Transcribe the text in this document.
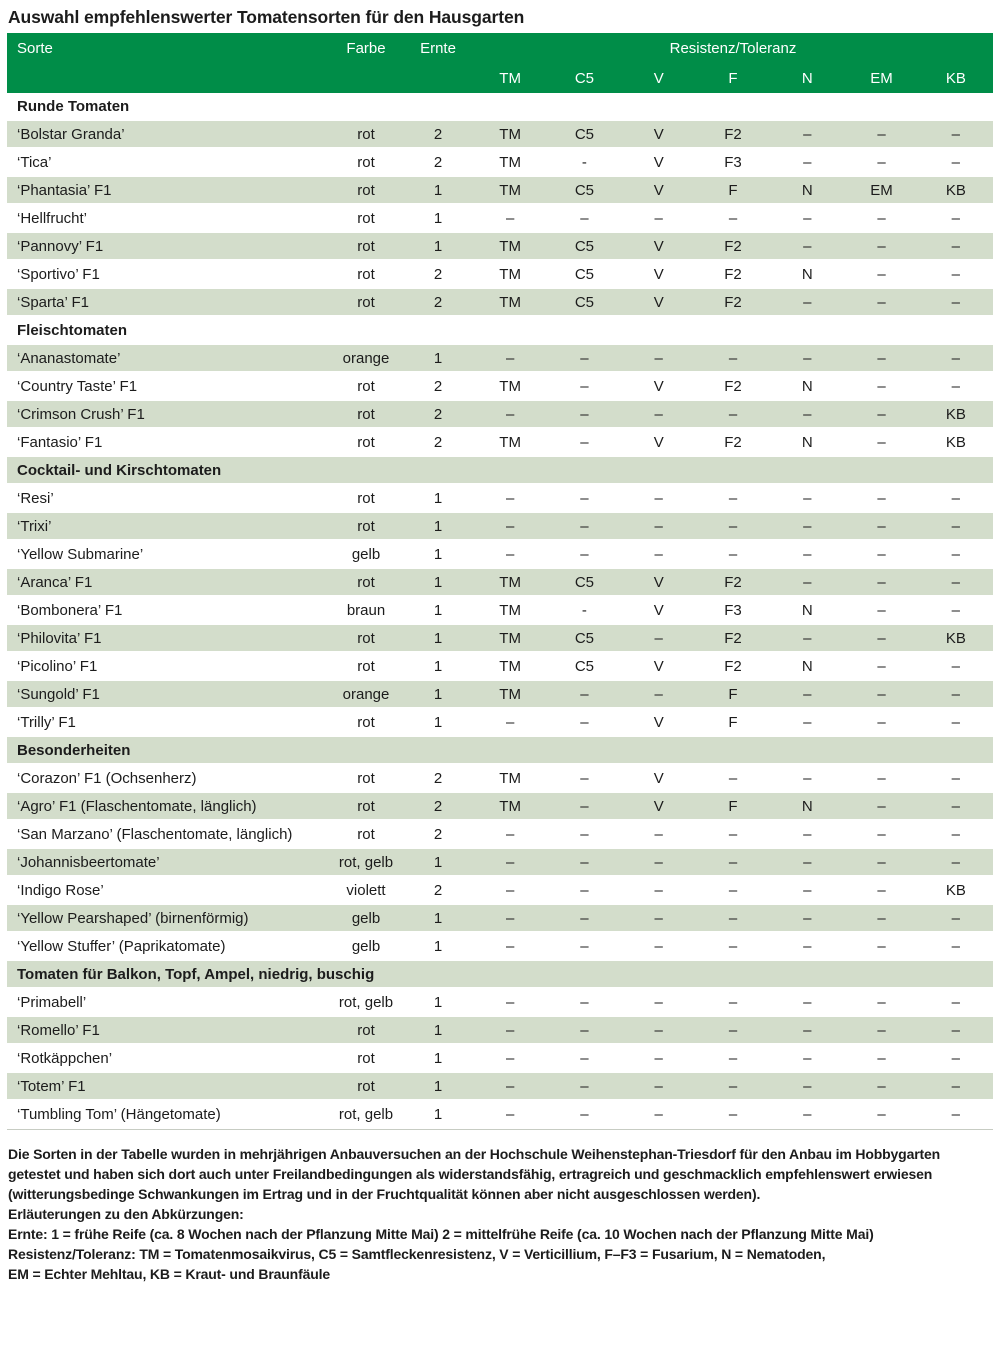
Auswahl empfehlenswerter Tomatensorten für den Hausgarten
Sorte	Farbe	Ernte	Resistenz/Toleranz						
			TM	C5	V	F	N	EM	KB
Runde Tomaten									
‘Bolstar Granda’	rot	2	TM	C5	V	F2	–	–	–
‘Tica’	rot	2	TM	-	V	F3	–	–	–
‘Phantasia’ F1	rot	1	TM	C5	V	F	N	EM	KB
‘Hellfrucht’	rot	1	–	–	–	–	–	–	–
‘Pannovy’ F1	rot	1	TM	C5	V	F2	–	–	–
‘Sportivo’ F1	rot	2	TM	C5	V	F2	N	–	–
‘Sparta’ F1	rot	2	TM	C5	V	F2	–	–	–
Fleischtomaten									
‘Ananastomate’	orange	1	–	–	–	–	–	–	–
‘Country Taste’ F1	rot	2	TM	–	V	F2	N	–	–
‘Crimson Crush’ F1	rot	2	–	–	–	–	–	–	KB
‘Fantasio’ F1	rot	2	TM	–	V	F2	N	–	KB
Cocktail- und Kirschtomaten									
‘Resi’	rot	1	–	–	–	–	–	–	–
‘Trixi’	rot	1	–	–	–	–	–	–	–
‘Yellow Submarine’	gelb	1	–	–	–	–	–	–	–
‘Aranca’ F1	rot	1	TM	C5	V	F2	–	–	–
‘Bombonera’ F1	braun	1	TM	-	V	F3	N	–	–
‘Philovita’ F1	rot	1	TM	C5	–	F2	–	–	KB
‘Picolino’ F1	rot	1	TM	C5	V	F2	N	–	–
‘Sungold’ F1	orange	1	TM	–	–	F	–	–	–
‘Trilly’ F1	rot	1	–	–	V	F	–	–	–
Besonderheiten									
‘Corazon’ F1 (Ochsenherz)	rot	2	TM	–	V	–	–	–	–
‘Agro’ F1 (Flaschentomate, länglich)	rot	2	TM	–	V	F	N	–	–
‘San Marzano’ (Flaschentomate, länglich)	rot	2	–	–	–	–	–	–	–
‘Johannisbeertomate’	rot, gelb	1	–	–	–	–	–	–	–
‘Indigo Rose’	violett	2	–	–	–	–	–	–	KB
‘Yellow Pearshaped’ (birnenförmig)	gelb	1	–	–	–	–	–	–	–
‘Yellow Stuffer’ (Paprikatomate)	gelb	1	–	–	–	–	–	–	–
Tomaten für Balkon, Topf, Ampel, niedrig, buschig									
‘Primabell’	rot, gelb	1	–	–	–	–	–	–	–
‘Romello’ F1	rot	1	–	–	–	–	–	–	–
‘Rotkäppchen’	rot	1	–	–	–	–	–	–	–
‘Totem’ F1	rot	1	–	–	–	–	–	–	–
‘Tumbling Tom’ (Hängetomate)	rot, gelb	1	–	–	–	–	–	–	–
Die Sorten in der Tabelle wurden in mehrjährigen Anbauversuchen an der Hochschule Weihenstephan-Triesdorf für den Anbau im Hobbygarten
getestet und haben sich dort auch unter Freilandbedingungen als widerstandsfähig, ertragreich und geschmacklich empfehlenswert erwiesen
(witterungsbedinge Schwankungen im Ertrag und in der Fruchtqualität können aber nicht ausgeschlossen werden).
Erläuterungen zu den Abkürzungen:
Ernte: 1 = frühe Reife (ca. 8 Wochen nach der Pflanzung Mitte Mai) 2 = mittelfrühe Reife (ca. 10 Wochen nach der Pflanzung Mitte Mai)
Resistenz/Toleranz: TM = Tomatenmosaikvirus, C5 = Samtfleckenresistenz, V = Verticillium, F–F3 = Fusarium, N = Nematoden,
EM = Echter Mehltau, KB = Kraut- und Braunfäule
